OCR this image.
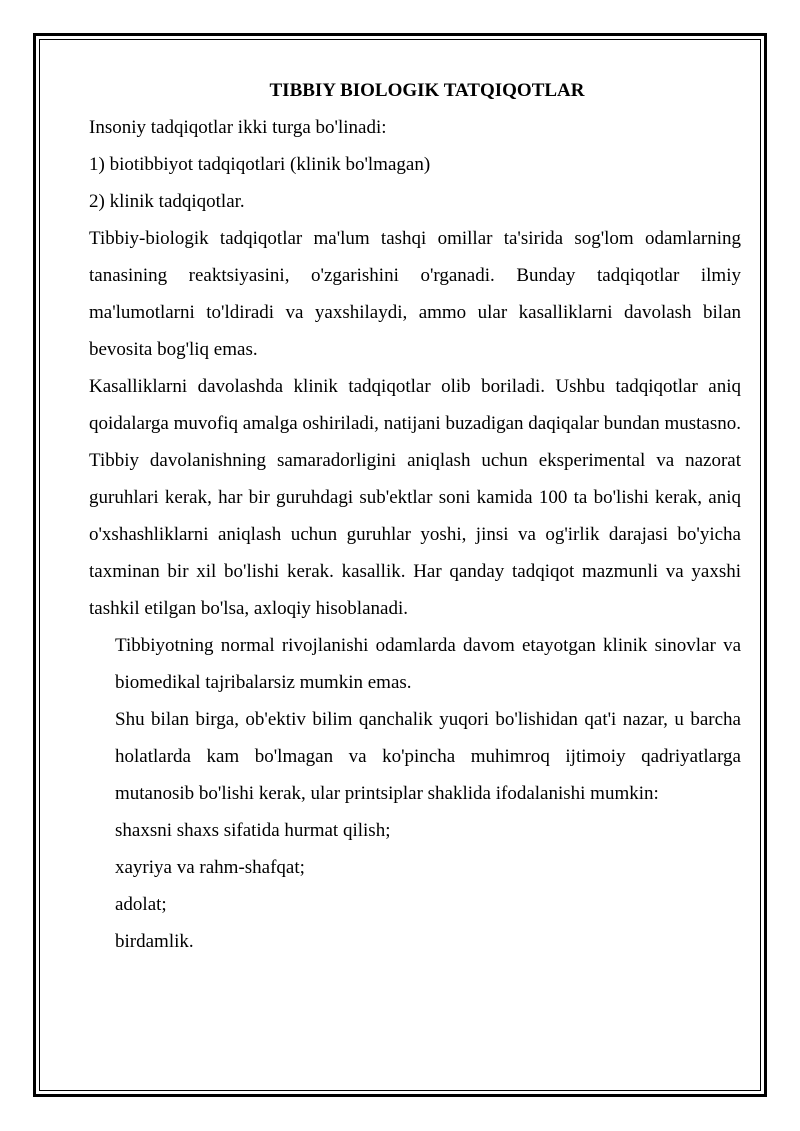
TIBBIY BIOLOGIK TATQIQOTLAR

Insoniy tadqiqotlar ikki turga bo'linadi:

1) biotibbiyot tadqiqotlari (klinik bo'lmagan)

2) klinik tadqiqotlar.

Tibbiy-biologik tadqiqotlar ma'lum tashqi omillar ta'sirida sog'lom odamlarning tanasining reaktsiyasini, o'zgarishini o'rganadi. Bunday tadqiqotlar ilmiy ma'lumotlarni to'ldiradi va yaxshilaydi, ammo ular kasalliklarni davolash bilan bevosita bog'liq emas.

Kasalliklarni davolashda klinik tadqiqotlar olib boriladi. Ushbu tadqiqotlar aniq qoidalarga muvofiq amalga oshiriladi, natijani buzadigan daqiqalar bundan mustasno. Tibbiy davolanishning samaradorligini aniqlash uchun eksperimental va nazorat guruhlari kerak, har bir guruhdagi sub'ektlar soni kamida 100 ta bo'lishi kerak, aniq o'xshashliklarni aniqlash uchun guruhlar yoshi, jinsi va og'irlik darajasi bo'yicha taxminan bir xil bo'lishi kerak. kasallik. Har qanday tadqiqot mazmunli va yaxshi tashkil etilgan bo'lsa, axloqiy hisoblanadi.

Tibbiyotning normal rivojlanishi odamlarda davom etayotgan klinik sinovlar va biomedikal tajribalarsiz mumkin emas.

Shu bilan birga, ob'ektiv bilim qanchalik yuqori bo'lishidan qat'i nazar, u barcha holatlarda kam bo'lmagan va ko'pincha muhimroq ijtimoiy qadriyatlarga mutanosib bo'lishi kerak, ular printsiplar shaklida ifodalanishi mumkin:

shaxsni shaxs sifatida hurmat qilish;

xayriya va rahm-shafqat;

adolat;

birdamlik.
